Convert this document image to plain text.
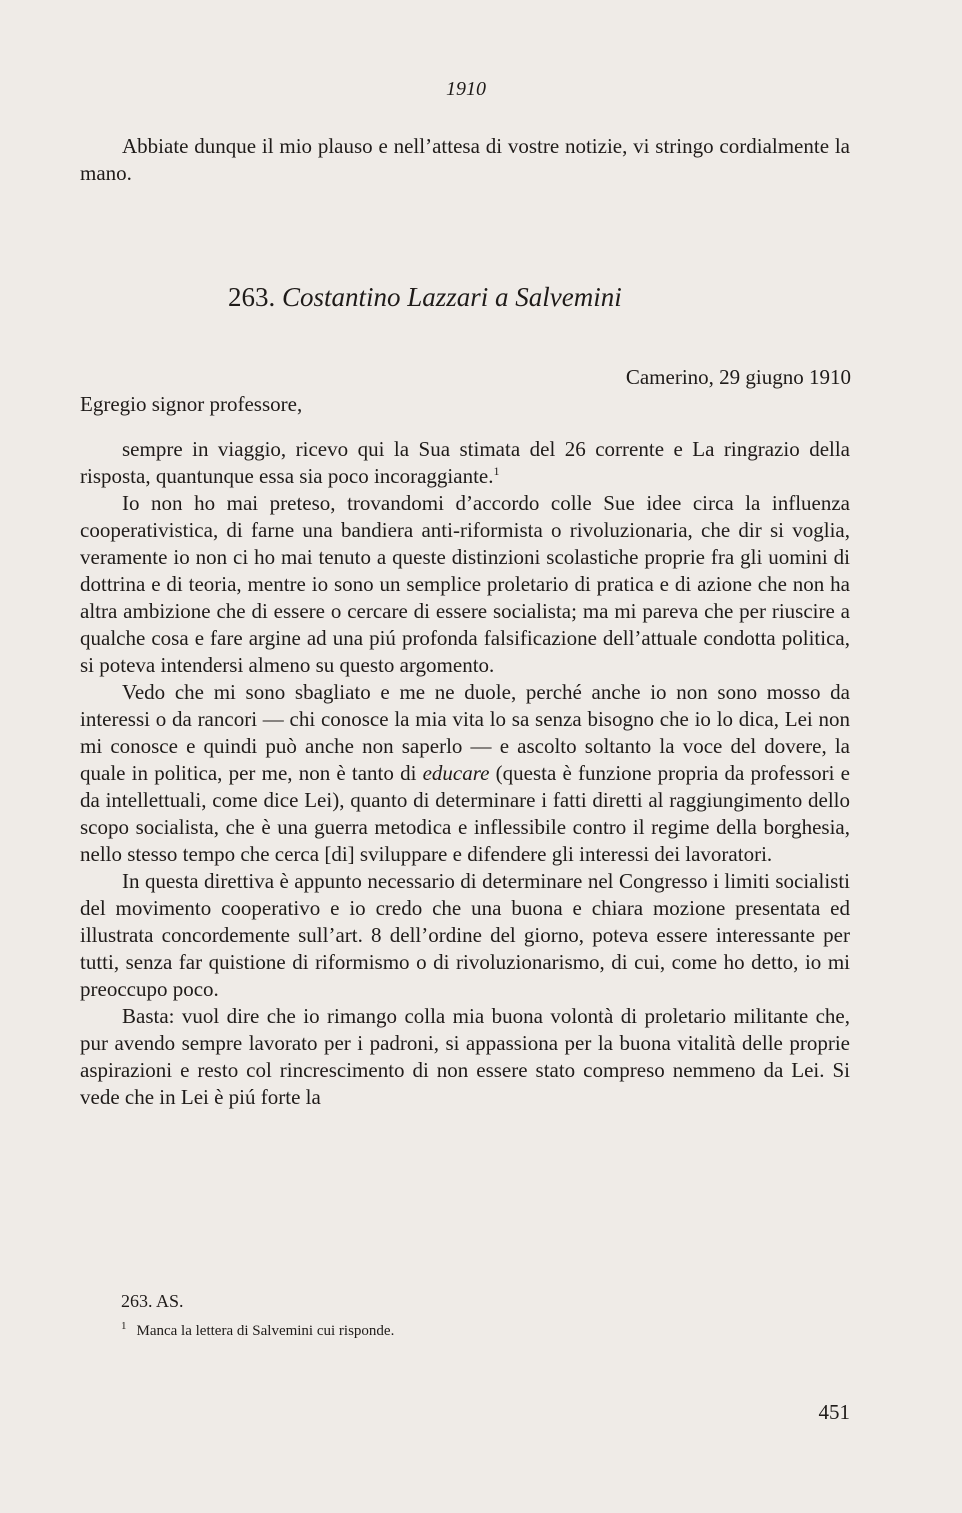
1910
Abbiate dunque il mio plauso e nell’attesa di vostre notizie, vi stringo cordialmente la mano.
263. Costantino Lazzari a Salvemini
Camerino, 29 giugno 1910
Egregio signor professore,

sempre in viaggio, ricevo qui la Sua stimata del 26 corrente e La ringrazio della risposta, quantunque essa sia poco incoraggiante.$^1$

Io non ho mai preteso, trovandomi d’accordo colle Sue idee circa la influenza cooperativistica, di farne una bandiera anti-riformista o rivoluzionaria, che dir si voglia, veramente io non ci ho mai tenuto a queste distinzioni scolastiche proprie fra gli uomini di dottrina e di teoria, mentre io sono un semplice proletario di pratica e di azione che non ha altra ambizione che di essere o cercare di essere socialista; ma mi pareva che per riuscire a qualche cosa e fare argine ad una piú profonda falsificazione dell’attuale condotta politica, si poteva intendersi almeno su questo argomento.

Vedo che mi sono sbagliato e me ne duole, perché anche io non sono mosso da interessi o da rancori — chi conosce la mia vita lo sa senza bisogno che io lo dica, Lei non mi conosce e quindi può anche non saperlo — e ascolto soltanto la voce del dovere, la quale in politica, per me, non è tanto di educare (questa è funzione propria da professori e da intellettuali, come dice Lei), quanto di determinare i fatti diretti al raggiungimento dello scopo socialista, che è una guerra metodica e inflessibile contro il regime della borghesia, nello stesso tempo che cerca [di] sviluppare e difendere gli interessi dei lavoratori.

In questa direttiva è appunto necessario di determinare nel Congresso i limiti socialisti del movimento cooperativo e io credo che una buona e chiara mozione presentata ed illustrata concordemente sull’art. 8 dell’ordine del giorno, poteva essere interessante per tutti, senza far quistione di riformismo o di rivoluzionarismo, di cui, come ho detto, io mi preoccupo poco.

Basta: vuol dire che io rimango colla mia buona volontà di proletario militante che, pur avendo sempre lavorato per i padroni, si appassiona per la buona vitalità delle proprie aspirazioni e resto col rincrescimento di non essere stato compreso nemmeno da Lei. Si vede che in Lei è piú forte la

263. AS.
$^1$ Manca la lettera di Salvemini cui risponde.
451
